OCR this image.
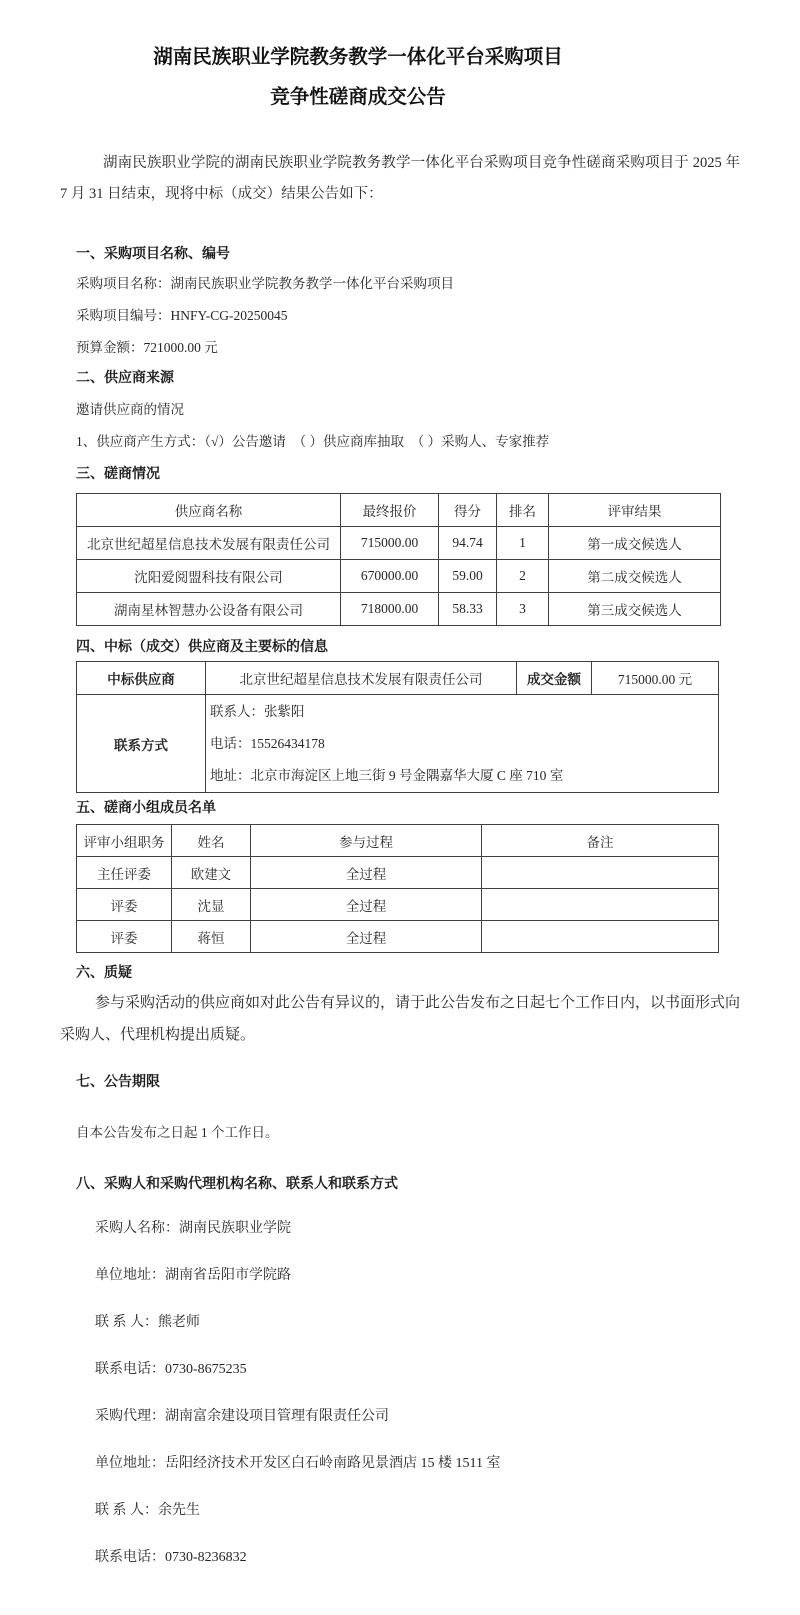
湖南民族职业学院教务教学一体化平台采购项目
竞争性磋商成交公告

湖南民族职业学院的湖南民族职业学院教务教学一体化平台采购项目竞争性磋商采购项目于 2025 年 7 月 31 日结束，现将中标（成交）结果公告如下：

一、采购项目名称、编号
采购项目名称：湖南民族职业学院教务教学一体化平台采购项目
采购项目编号：HNFY-CG-20250045
预算金额：721000.00 元
二、供应商来源
邀请供应商的情况
1、供应商产生方式：（√）公告邀请　（ ）供应商库抽取　（ ）采购人、专家推荐
三、磋商情况
供应商名称	最终报价	得分	排名	评审结果
北京世纪超星信息技术发展有限责任公司	715000.00	94.74	1	第一成交候选人
沈阳爱阅盟科技有限公司	670000.00	59.00	2	第二成交候选人
湖南星林智慧办公设备有限公司	718000.00	58.33	3	第三成交候选人
四、中标（成交）供应商及主要标的信息
中标供应商	北京世纪超星信息技术发展有限责任公司	成交金额	715000.00 元
联系方式	联系人：张紫阳
电话：15526434178
地址：北京市海淀区上地三街 9 号金隅嘉华大厦 C 座 710 室		
五、磋商小组成员名单
评审小组职务	姓名	参与过程	备注
主任评委	欧建文	全过程	
评委	沈显	全过程	
评委	蒋恒	全过程	
六、质疑

参与采购活动的供应商如对此公告有异议的，请于此公告发布之日起七个工作日内，以书面形式向采购人、代理机构提出质疑。

七、公告期限
自本公告发布之日起 1 个工作日。
八、采购人和采购代理机构名称、联系人和联系方式
采购人名称：湖南民族职业学院
单位地址：湖南省岳阳市学院路
联 系 人：熊老师
联系电话：0730-8675235
采购代理：湖南富余建设项目管理有限责任公司
单位地址：岳阳经济技术开发区白石岭南路见景酒店 15 楼 1511 室
联 系 人：余先生
联系电话：0730-8236832
